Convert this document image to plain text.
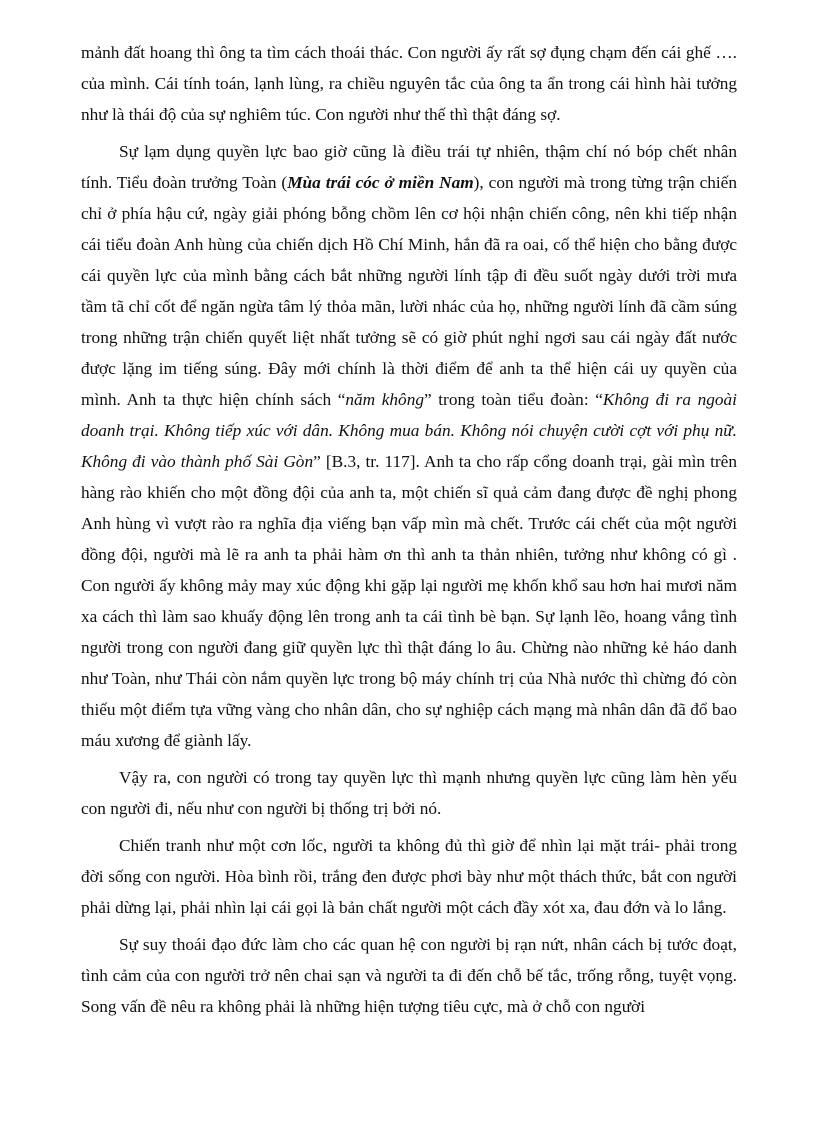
mảnh đất hoang thì ông ta tìm cách thoái thác. Con người ấy rất sợ đụng chạm đến cái ghế …. của mình. Cái tính toán, lạnh lùng, ra chiều nguyên tắc của ông ta ẩn trong cái hình hài tưởng như là thái độ của sự nghiêm túc. Con người như thế thì thật đáng sợ.

Sự lạm dụng quyền lực bao giờ cũng là điều trái tự nhiên, thậm chí nó bóp chết nhân tính. Tiểu đoàn trưởng Toàn (Mùa trái cóc ở miền Nam), con người mà trong từng trận chiến chỉ ở phía hậu cứ, ngày giải phóng bỗng chồm lên cơ hội nhận chiến công, nên khi tiếp nhận cái tiểu đoàn Anh hùng của chiến dịch Hồ Chí Minh, hắn đã ra oai, cố thể hiện cho bằng được cái quyền lực của mình bằng cách bắt những người lính tập đi đều suốt ngày dưới trời mưa tầm tã chỉ cốt để ngăn ngừa tâm lý thỏa mãn, lười nhác của họ, những người lính đã cầm súng trong những trận chiến quyết liệt nhất tưởng sẽ có giờ phút nghỉ ngơi sau cái ngày đất nước được lặng im tiếng súng. Đây mới chính là thời điểm để anh ta thể hiện cái uy quyền của mình. Anh ta thực hiện chính sách “năm không” trong toàn tiểu đoàn: “Không đi ra ngoài doanh trại. Không tiếp xúc với dân. Không mua bán. Không nói chuyện cười cợt với phụ nữ. Không đi vào thành phố Sài Gòn” [B.3, tr. 117]. Anh ta cho rấp cổng doanh trại, gài mìn trên hàng rào khiến cho một đồng đội của anh ta, một chiến sĩ quả cảm đang được đề nghị phong Anh hùng vì vượt rào ra nghĩa địa viếng bạn vấp mìn mà chết. Trước cái chết của một người đồng đội, người mà lẽ ra anh ta phải hàm ơn thì anh ta thản nhiên, tưởng như không có gì . Con người ấy không mảy may xúc động khi gặp lại người mẹ khốn khổ sau hơn hai mươi năm xa cách thì làm sao khuấy động lên trong anh ta cái tình bè bạn. Sự lạnh lẽo, hoang vắng tình người trong con người đang giữ quyền lực thì thật đáng lo âu. Chừng nào những kẻ háo danh như Toàn, như Thái còn nắm quyền lực trong bộ máy chính trị của Nhà nước thì chừng đó còn thiếu một điểm tựa vững vàng cho nhân dân, cho sự nghiệp cách mạng mà nhân dân đã đổ bao máu xương để giành lấy.

Vậy ra, con người có trong tay quyền lực thì mạnh nhưng quyền lực cũng làm hèn yếu con người đi, nếu như con người bị thống trị bởi nó.

Chiến tranh như một cơn lốc, người ta không đủ thì giờ để nhìn lại mặt trái- phải trong đời sống con người. Hòa bình rồi, trắng đen được phơi bày như một thách thức, bắt con người phải dừng lại, phải nhìn lại cái gọi là bản chất người một cách đầy xót xa, đau đớn và lo lắng.

Sự suy thoái đạo đức làm cho các quan hệ con người bị rạn nứt, nhân cách bị tước đoạt, tình cảm của con người trở nên chai sạn và người ta đi đến chỗ bế tắc, trống rỗng, tuyệt vọng. Song vấn đề nêu ra không phải là những hiện tượng tiêu cực, mà ở chỗ con người
